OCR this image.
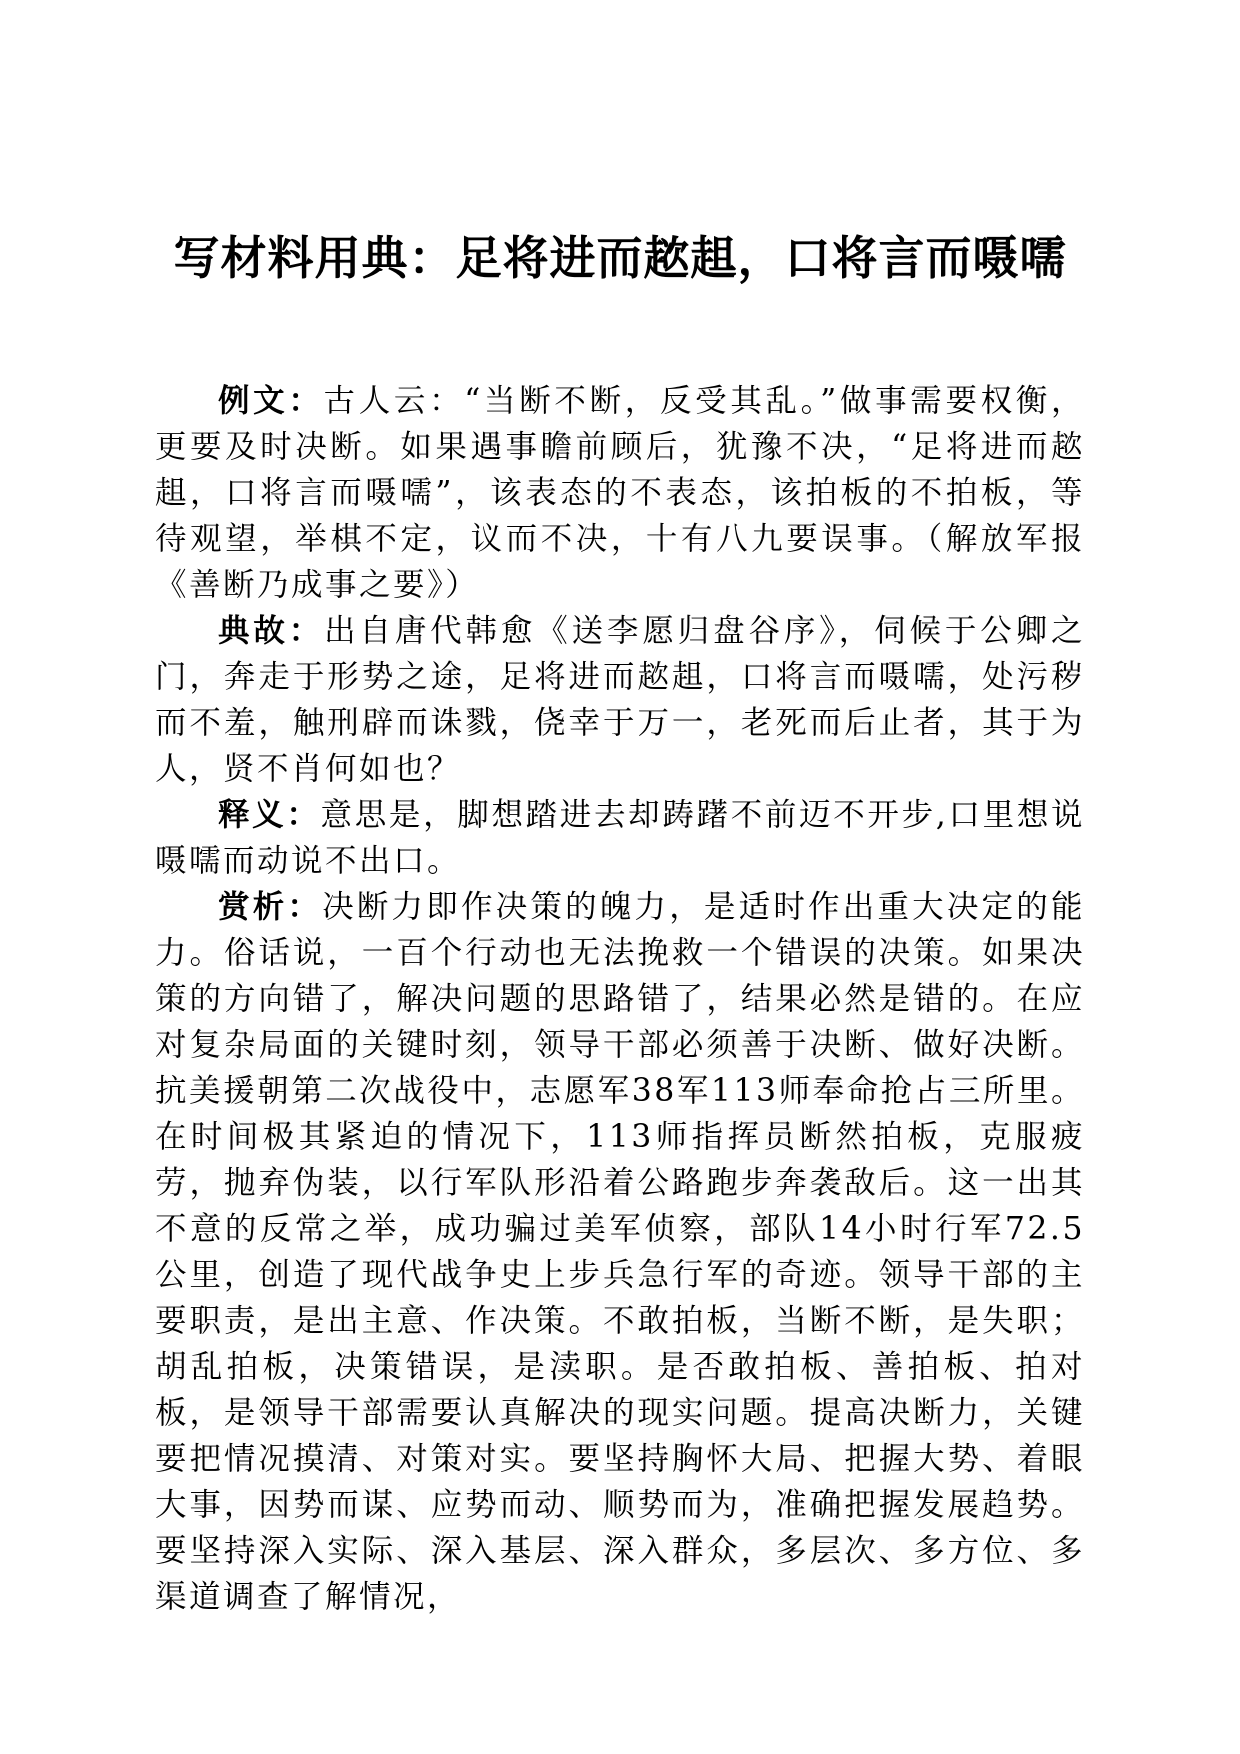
写材料用典：足将进而趑趄，口将言而嗫嚅

例文：古人云：“当断不断，反受其乱。”做事需要权衡，更要及时决断。如果遇事瞻前顾后，犹豫不决，“足将进而趑趄，口将言而嗫嚅”，该表态的不表态，该拍板的不拍板，等待观望，举棋不定，议而不决，十有八九要误事。（解放军报《善断乃成事之要》）

典故：出自唐代韩愈《送李愿归盘谷序》，伺候于公卿之门，奔走于形势之途，足将进而趑趄，口将言而嗫嚅，处污秽而不羞，触刑辟而诛戮，侥幸于万一，老死而后止者，其于为人，贤不肖何如也？

释义：意思是，脚想踏进去却踌躇不前迈不开步,口里想说嗫嚅而动说不出口。

赏析：决断力即作决策的魄力，是适时作出重大决定的能力。俗话说，一百个行动也无法挽救一个错误的决策。如果决策的方向错了，解决问题的思路错了，结果必然是错的。在应对复杂局面的关键时刻，领导干部必须善于决断、做好决断。抗美援朝第二次战役中，志愿军38军113师奉命抢占三所里。在时间极其紧迫的情况下，113师指挥员断然拍板，克服疲劳，抛弃伪装，以行军队形沿着公路跑步奔袭敌后。这一出其不意的反常之举，成功骗过美军侦察，部队14小时行军72.5公里，创造了现代战争史上步兵急行军的奇迹。领导干部的主要职责，是出主意、作决策。不敢拍板，当断不断，是失职；胡乱拍板，决策错误，是渎职。是否敢拍板、善拍板、拍对板，是领导干部需要认真解决的现实问题。提高决断力，关键要把情况摸清、对策对实。要坚持胸怀大局、把握大势、着眼大事，因势而谋、应势而动、顺势而为，准确把握发展趋势。要坚持深入实际、深入基层、深入群众，多层次、多方位、多渠道调查了解情况，
